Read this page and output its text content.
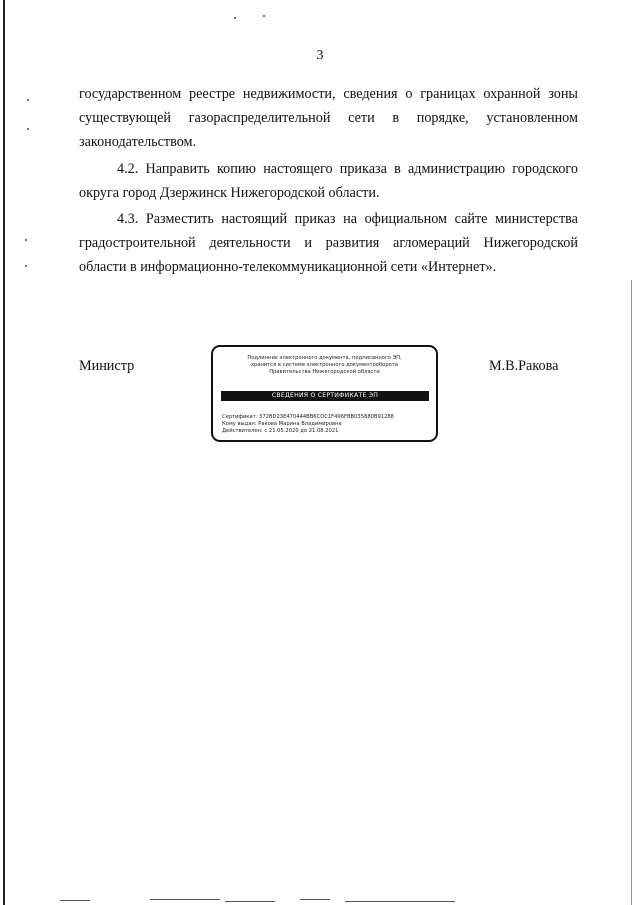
3
государственном реестре недвижимости, сведения о границах охранной зоны
существующей газораспределительной сети в порядке, установленном
законодательством.
4.2. Направить копию настоящего приказа в администрацию городского
округа город Дзержинск Нижегородской области.
4.3. Разместить настоящий приказ на официальном сайте министерства
градостроительной деятельности и развития агломераций Нижегородской
области в информационно-телекоммуникационной сети «Интернет».
Министр	Подлинник электронного документа, подписанного ЭП,
хранится в системе электронного документооборота
Правительства Нижегородской области
СВЕДЕНИЯ О СЕРТИФИКАТЕ ЭП
Сертификат: 372BD23E470444BB6CDC1F496FBB035880B91288
Кому выдан: Ракова Марина Владимировна
Действителен: с 21.05.2020 до 21.08.2021
М.В.Ракова
